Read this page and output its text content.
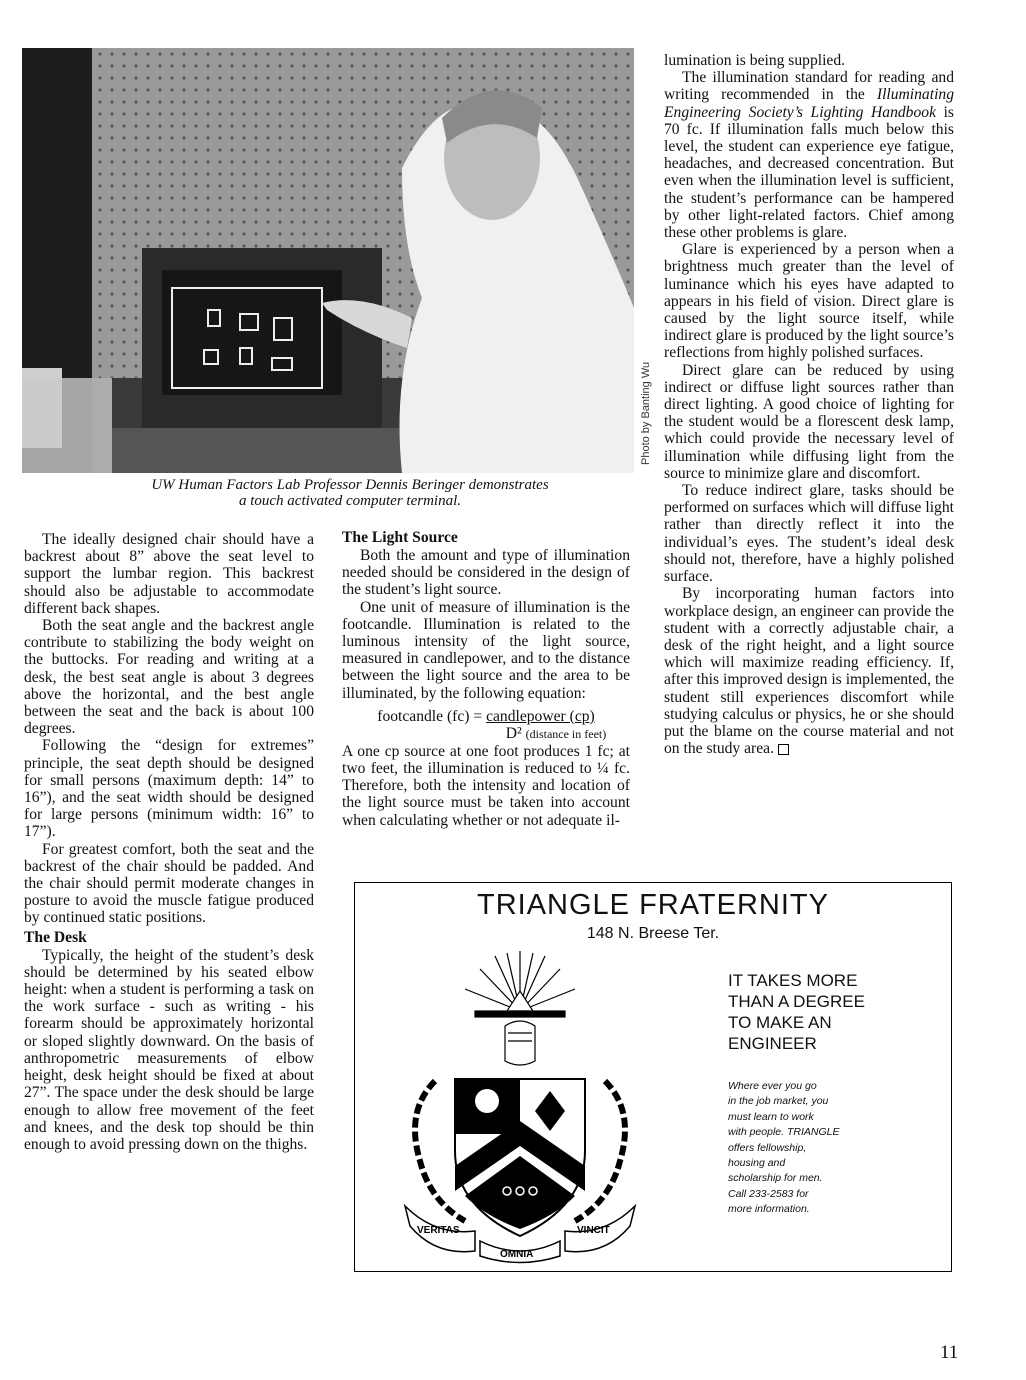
Photo by Banting Wu
UW Human Factors Lab Professor Dennis Beringer demonstrates
a touch activated computer terminal.

The ideally designed chair should have a backrest about 8” above the seat level to support the lumbar region. This backrest should also be adjustable to accommodate different back shapes.

Both the seat angle and the backrest angle contribute to stabilizing the body weight on the buttocks. For reading and writing at a desk, the best seat angle is about 3 degrees above the horizontal, and the best angle between the seat and the back is about 100 degrees.

Following the “design for extremes” principle, the seat depth should be designed for small persons (maximum depth: 14” to 16”), and the seat width should be designed for large persons (minimum width: 16” to 17”).

For greatest comfort, both the seat and the backrest of the chair should be padded. And the chair should permit moderate changes in posture to avoid the muscle fatigue produced by continued static positions.

The Desk

Typically, the height of the student’s desk should be determined by his seated elbow height: when a student is performing a task on the work surface - such as writing - his forearm should be approximately horizontal or sloped slightly downward. On the basis of anthropometric measurements of elbow height, desk height should be fixed at about 27”. The space under the desk should be large enough to allow free movement of the feet and knees, and the desk top should be thin enough to avoid pressing down on the thighs.

The Light Source

Both the amount and type of illumination needed should be considered in the design of the student’s light source.

One unit of measure of illumination is the footcandle. Illumination is related to the luminous intensity of the light source, measured in candlepower, and to the distance between the light source and the area to be illuminated, by the following equation:

footcandle (fc) = candlepower (cp)
D² (distance in feet)

A one cp source at one foot produces 1 fc; at two feet, the illumination is reduced to ¼ fc. Therefore, both the intensity and location of the light source must be taken into account when calculating whether or not adequate il-

lumination is being supplied.

The illumination standard for reading and writing recommended in the Illuminating Engineering Society’s Lighting Handbook is 70 fc. If illumination falls much below this level, the student can experience eye fatigue, headaches, and decreased concentration. But even when the illumination level is sufficient, the student’s performance can be hampered by other light-related factors. Chief among these other problems is glare.

Glare is experienced by a person when a brightness much greater than the level of luminance which his eyes have adapted to appears in his field of vision. Direct glare is caused by the light source itself, while indirect glare is produced by the light source’s reflections from highly polished surfaces.

Direct glare can be reduced by using indirect or diffuse light sources rather than direct lighting. A good choice of lighting for the student would be a florescent desk lamp, which could provide the necessary level of illumination while diffusing light from the source to minimize glare and discomfort.

To reduce indirect glare, tasks should be performed on surfaces which will diffuse light rather than directly reflect it into the individual’s eyes. The student’s ideal desk should not, therefore, have a highly polished surface.

By incorporating human factors into workplace design, an engineer can provide the student with a correctly adjustable chair, a desk of the right height, and a light source which will maximize reading efficiency. If, after this improved design is implemented, the student still experiences discomfort while studying calculus or physics, he or she should put the blame on the course material and not on the study area.

TRIANGLE FRATERNITY
148 N. Breese Ter.
VERITAS
OMNIA
VINCIT
IT TAKES MORE
THAN A DEGREE
TO MAKE AN
ENGINEER
Where ever you go
in the job market, you
must learn to work
with people. TRIANGLE
offers fellowship,
housing and
scholarship for men.
Call 233-2583 for
more information.
11
